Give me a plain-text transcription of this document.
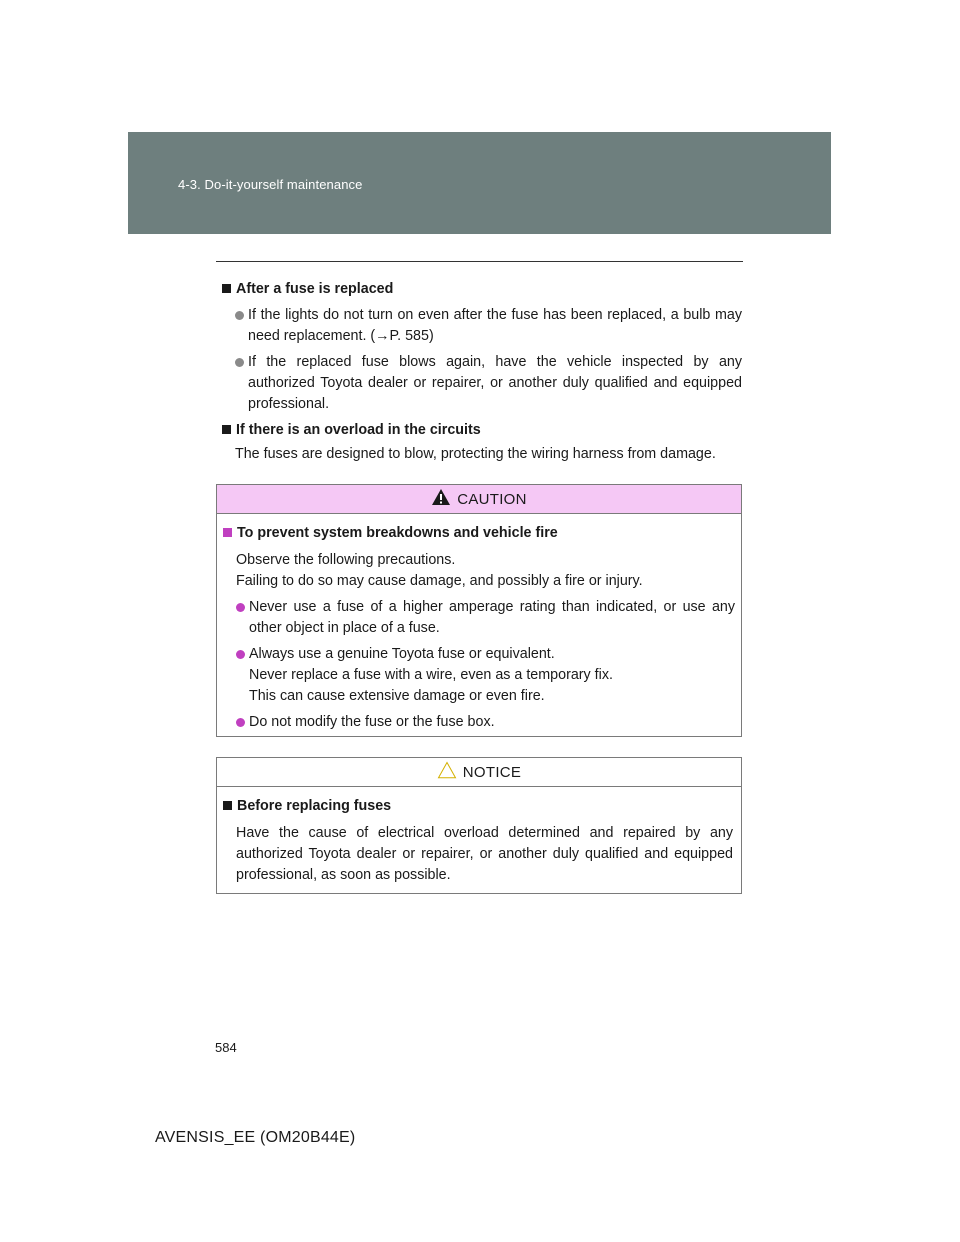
4-3. Do-it-yourself maintenance

After a fuse is replaced

If the lights do not turn on even after the fuse has been replaced, a bulb may need replacement. (→P. 585)

If the replaced fuse blows again, have the vehicle inspected by any authorized Toyota dealer or repairer, or another duly qualified and equipped professional.

If there is an overload in the circuits

The fuses are designed to blow, protecting the wiring harness from damage.

CAUTION

To prevent system breakdowns and vehicle fire

Observe the following precautions.

Failing to do so may cause damage, and possibly a fire or injury.

Never use a fuse of a higher amperage rating than indicated, or use any other object in place of a fuse.

Always use a genuine Toyota fuse or equivalent.
Never replace a fuse with a wire, even as a temporary fix.
This can cause extensive damage or even fire.

Do not modify the fuse or the fuse box.

NOTICE

Before replacing fuses

Have the cause of electrical overload determined and repaired by any authorized Toyota dealer or repairer, or another duly qualified and equipped professional, as soon as possible.

584
AVENSIS_EE (OM20B44E)
